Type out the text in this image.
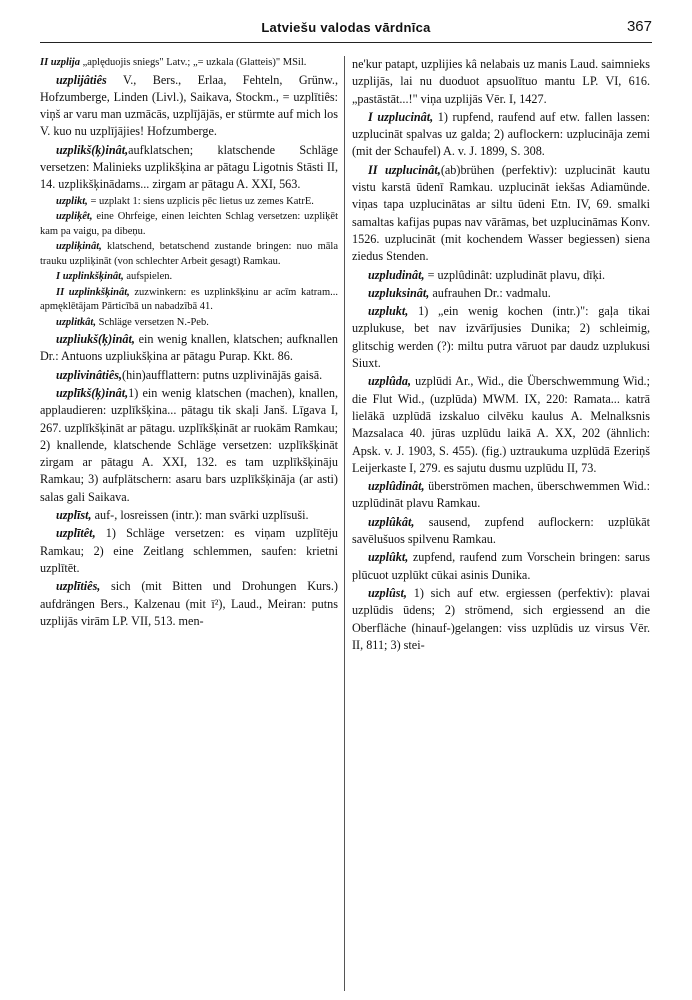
Latviešu valodas vārdnīca	367

II uzplija „aplęduojis sniegs" Latv.; „= uzkala (Glatteis)" MSil.

uzplijâtiês V., Bers., Erlaa, Fehteln, Grünw., Hofzumberge, Linden (Livl.), Saikava, Stockm., = uzplītiês: viņš ar varu man uzmācās, uzplījājās, er stürmte auf mich los V. kuo nu uzplījājies! Hofzumberge.

uzplikš(ķ)inât,aufklatschen; klatschende Schläge versetzen: Malinieks uzplikšķina ar pātagu Ligotnis Stāsti II, 14. uzplikšķinādams... zirgam ar pātagu A. XXI, 563.

uzplikt, = uzplakt 1: siens uzplicis pēc lietus uz zemes KatrE.

uzpliķêt, eine Ohrfeige, einen leichten Schlag versetzen: uzpliķēt kam pa vaigu, pa dibeņu.

uzpliķinât, klatschend, betatschend zustande bringen: nuo māla trauku uzpliķināt (von schlechter Arbeit gesagt) Ramkau.

I uzplinkšķinât, aufspielen.

II uzplinkšķinât, zuzwinkern: es uzplinkšķinu ar acīm katram... apmęklētājam Pārticībā un nabadzībā 41.

uzplitkât, Schläge versetzen N.-Peb.

uzpliukš(ķ)inât, ein wenig knallen, klatschen; aufknallen Dr.: Antuons uzpliukšķina ar pātagu Purap. Kkt. 86.

uzplivinâtiês,(hin)aufflattern: putns uzplivinājās gaisā.

uzplīkš(ķ)inât,1) ein wenig klatschen (machen), knallen, applaudieren: uzplīkšķina... pātagu tik skaļi Janš. Līgava I, 267. uzplīkšķināt ar pātagu. uzplīkšķināt ar ruokām Ramkau; 2) knallende, klatschende Schläge versetzen: uzplīkšķināt zirgam ar pātagu A. XXI, 132. es tam uzplīkšķināju Ramkau; 3) aufplätschern: asaru bars uzplīkšķināja (ar asti) salas gali Saikava.

uzplīst, auf-, losreissen (intr.): man svārki uzplīsuši.

uzplītêt, 1) Schläge versetzen: es viņam uzplītēju Ramkau; 2) eine Zeitlang schlemmen, saufen: krietni uzplītēt.

uzplītiês, sich (mit Bitten und Drohungen Kurs.) aufdrängen Bers., Kalzenau (mit ī²), Laud., Meiran: putns uzplijās virām LP. VII, 513. men-

ne'kur patapt, uzplijies kâ nelabais uz manis Laud. saimnieks uzplijās, lai nu duoduot apsuolītuo mantu LP. VI, 616. „pastāstāt...!" viņa uzplijās Vēr. I, 1427.

I uzplucinât, 1) rupfend, raufend auf etw. fallen lassen: uzplucināt spalvas uz galda; 2) auflockern: uzplucināja zemi (mit der Schaufel) A. v. J. 1899, S. 308.

II uzplucinât,(ab)brühen (perfektiv): uzplucināt kautu vistu karstā ūdenī Ramkau. uzplucināt iekšas Adiamünde. viņas tapa uzplucinātas ar siltu ūdeni Etn. IV, 69. smalki samaltas kafijas pupas nav vārāmas, bet uzplucināmas Konv. 1526. uzplucināt (mit kochendem Wasser begiessen) siena ziedus Stenden.

uzpludinât, = uzplûdinât: uzpludināt plavu, dīķi.

uzpluksinât, aufrauhen Dr.: vadmalu.

uzplukt, 1) „ein wenig kochen (intr.)": gaļa tikai uzplukuse, bet nav izvārījusies Dunika; 2) schleimig, glitschig werden (?): miltu putra vāruot par daudz uzplukusi Siuxt.

uzplûda, uzplūdi Ar., Wid., die Überschwemmung Wid.; die Flut Wid., (uzplūda) MWM. IX, 220: Ramata... katrā lielākā uzplūdā izskaluo cilvēku kaulus A. Melnalksnis Mazsalaca 40. jūras uzplūdu laikā A. XX, 202 (ähnlich: Apsk. v. J. 1903, S. 455). (fig.) uztraukuma uzplūdā Ezeriņš Leijerkaste I, 279. es sajutu dusmu uzplūdu II, 73.

uzplûdinât, überströmen machen, überschwemmen Wid.: uzplūdināt plavu Ramkau.

uzplûkât, sausend, zupfend auflockern: uzplūkāt savēlušuos spilvenu Ramkau.

uzplûkt, zupfend, raufend zum Vorschein bringen: sarus plūcuot uzplūkt cūkai asinis Dunika.

uzplûst, 1) sich auf etw. ergiessen (perfektiv): plavai uzplūdis ūdens; 2) strömend, sich ergiessend an die Oberfläche (hinauf-)gelangen: viss uzplūdis uz virsus Vēr. II, 811; 3) stei-
